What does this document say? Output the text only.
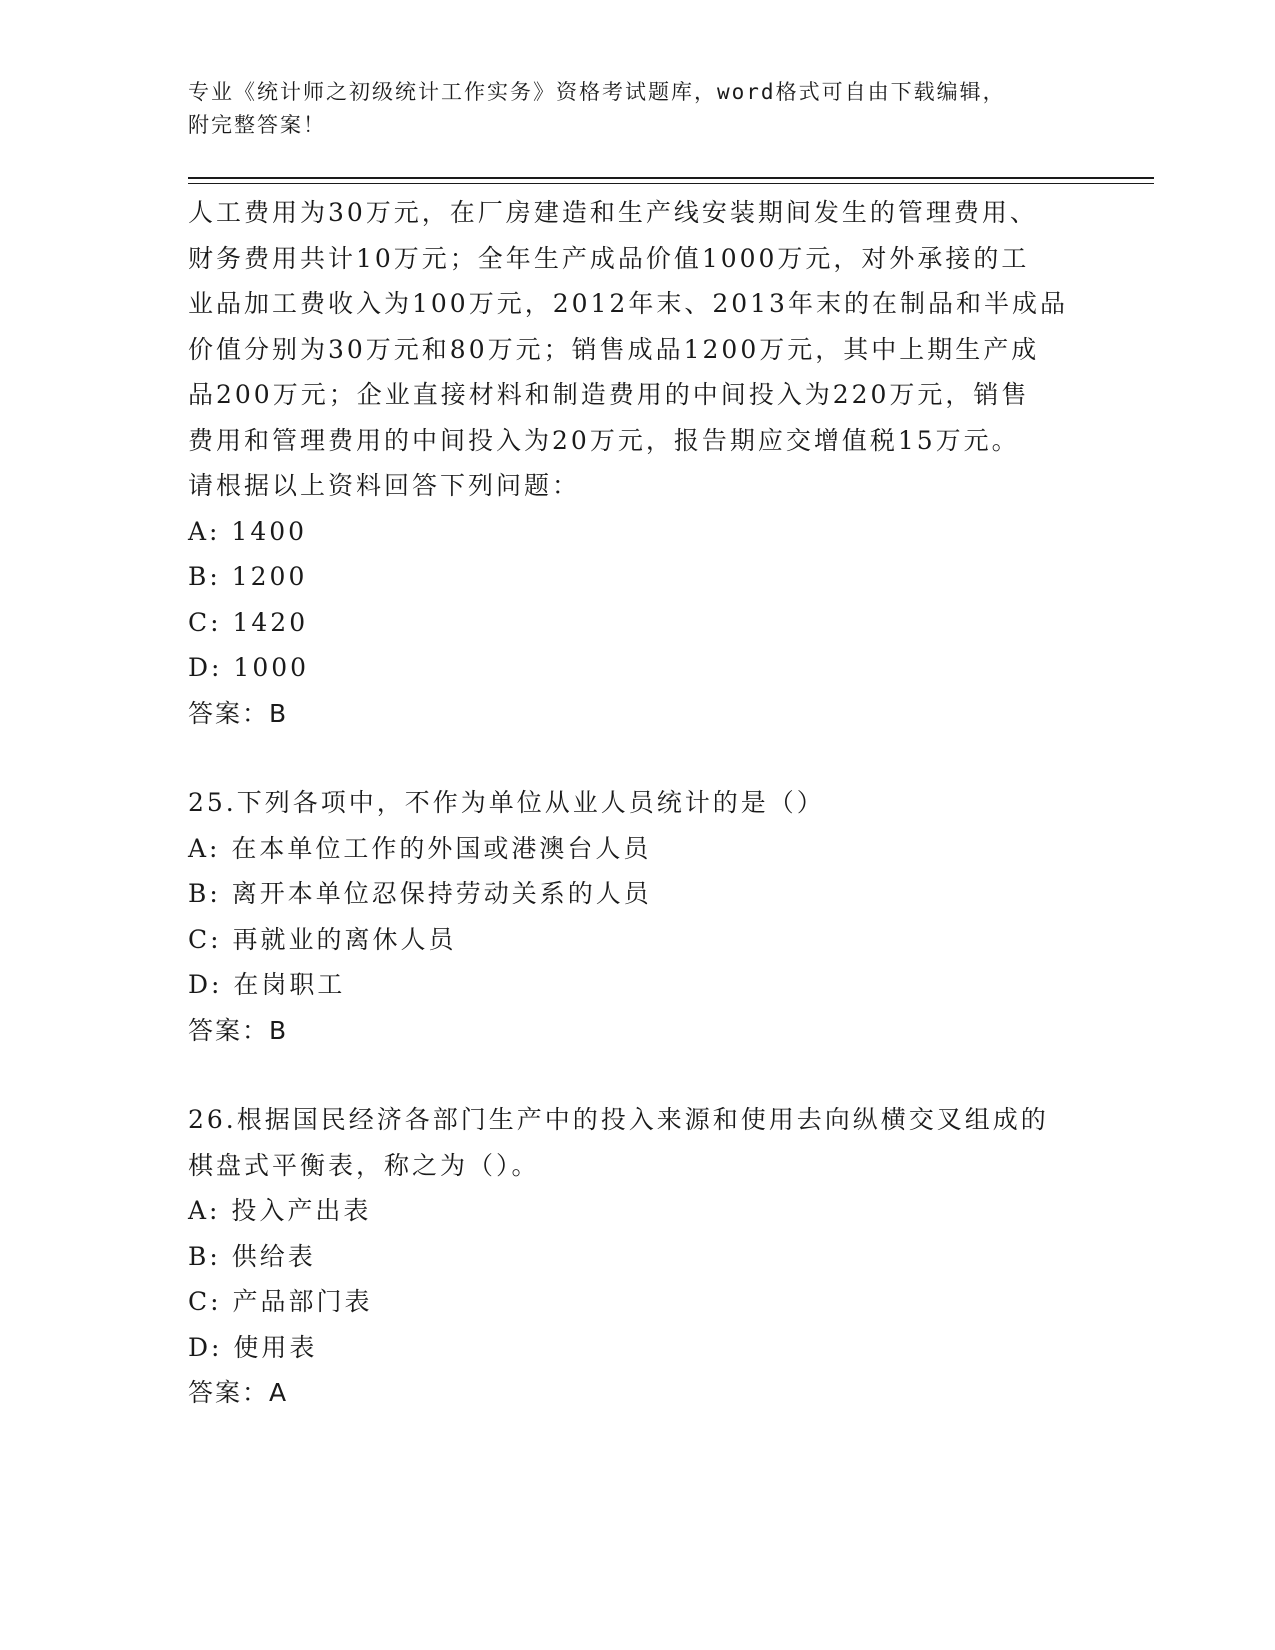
专业《统计师之初级统计工作实务》资格考试题库，word格式可自由下载编辑，
附完整答案！
人工费用为30万元，在厂房建造和生产线安装期间发生的管理费用、
财务费用共计10万元；全年生产成品价值1000万元，对外承接的工
业品加工费收入为100万元，2012年末、2013年末的在制品和半成品
价值分别为30万元和80万元；销售成品1200万元，其中上期生产成
品200万元；企业直接材料和制造费用的中间投入为220万元，销售
费用和管理费用的中间投入为20万元，报告期应交增值税15万元。
请根据以上资料回答下列问题：
A: 1400
B: 1200
C: 1420
D: 1000
答案：B
25.下列各项中，不作为单位从业人员统计的是（）
A: 在本单位工作的外国或港澳台人员
B: 离开本单位忍保持劳动关系的人员
C: 再就业的离休人员
D: 在岗职工
答案：B
26.根据国民经济各部门生产中的投入来源和使用去向纵横交叉组成的
棋盘式平衡表，称之为（）。
A: 投入产出表
B: 供给表
C: 产品部门表
D: 使用表
答案：A
